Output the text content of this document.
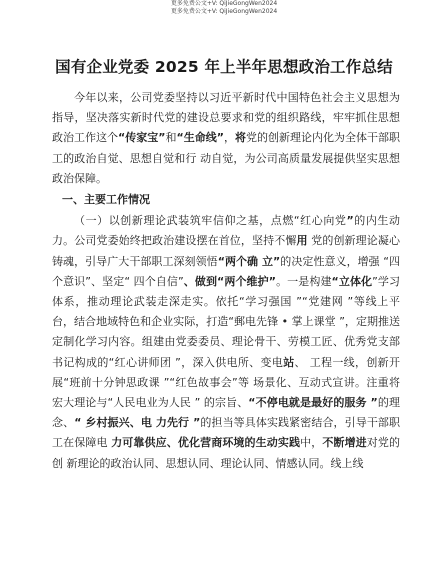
更多免费公文+V: QiJieGongWen2024
更多免费公文+V: QiJieGongWen2024
国有企业党委 2025 年上半年思想政治工作总结

今年以来，公司党委坚持以习近平新时代中国特色社会主义思想为指导，坚决落实新时代党的建设总要求和党的组织路线，牢牢抓住思想政治工作这个“传家宝”和“生命线”，将党的创新理论内化为全体干部职工的政治自觉、思想自觉和行 动自觉，为公司高质量发展提供坚实思想政治保障。

一、主要工作情况

（一）以创新理论武装筑牢信仰之基，点燃“红心向党”的内生动力。公司党委始终把政治建设摆在首位，坚持不懈用 党的创新理论凝心铸魂，引导广大干部职工深刻领悟“两个确 立”的决定性意义，增强 “四个意识”、坚定“ 四个自信”、做到“两个维护”。一是构建“立体化”学习体系，推动理论武装走深走实。依托“学习强国 ”“党建网 ”等线上平台，结合地域特色和企业实际，打造“郵电先锋 • 掌上课堂 ”，定期推送定制化学习内容。组建由党委委员、理论骨干、劳模工匠、优秀党支部书记构成的“红心讲师团 ”，深入供电所、变电站、 工程一线，创新开展“班前十分钟思政课 ”“红色故事会”等 场景化、互动式宣讲。注重将宏大理论与“人民电业为人民 ” 的宗旨、“不停电就是最好的服务 ”的理念、“ 乡村振兴、电 力先行 ”的担当等具体实践紧密结合，引导干部职工在保障电 力可靠供应、优化营商环境的生动实践中，不断增进对党的创 新理论的政治认同、思想认同、理论认同、情感认同。线上线
